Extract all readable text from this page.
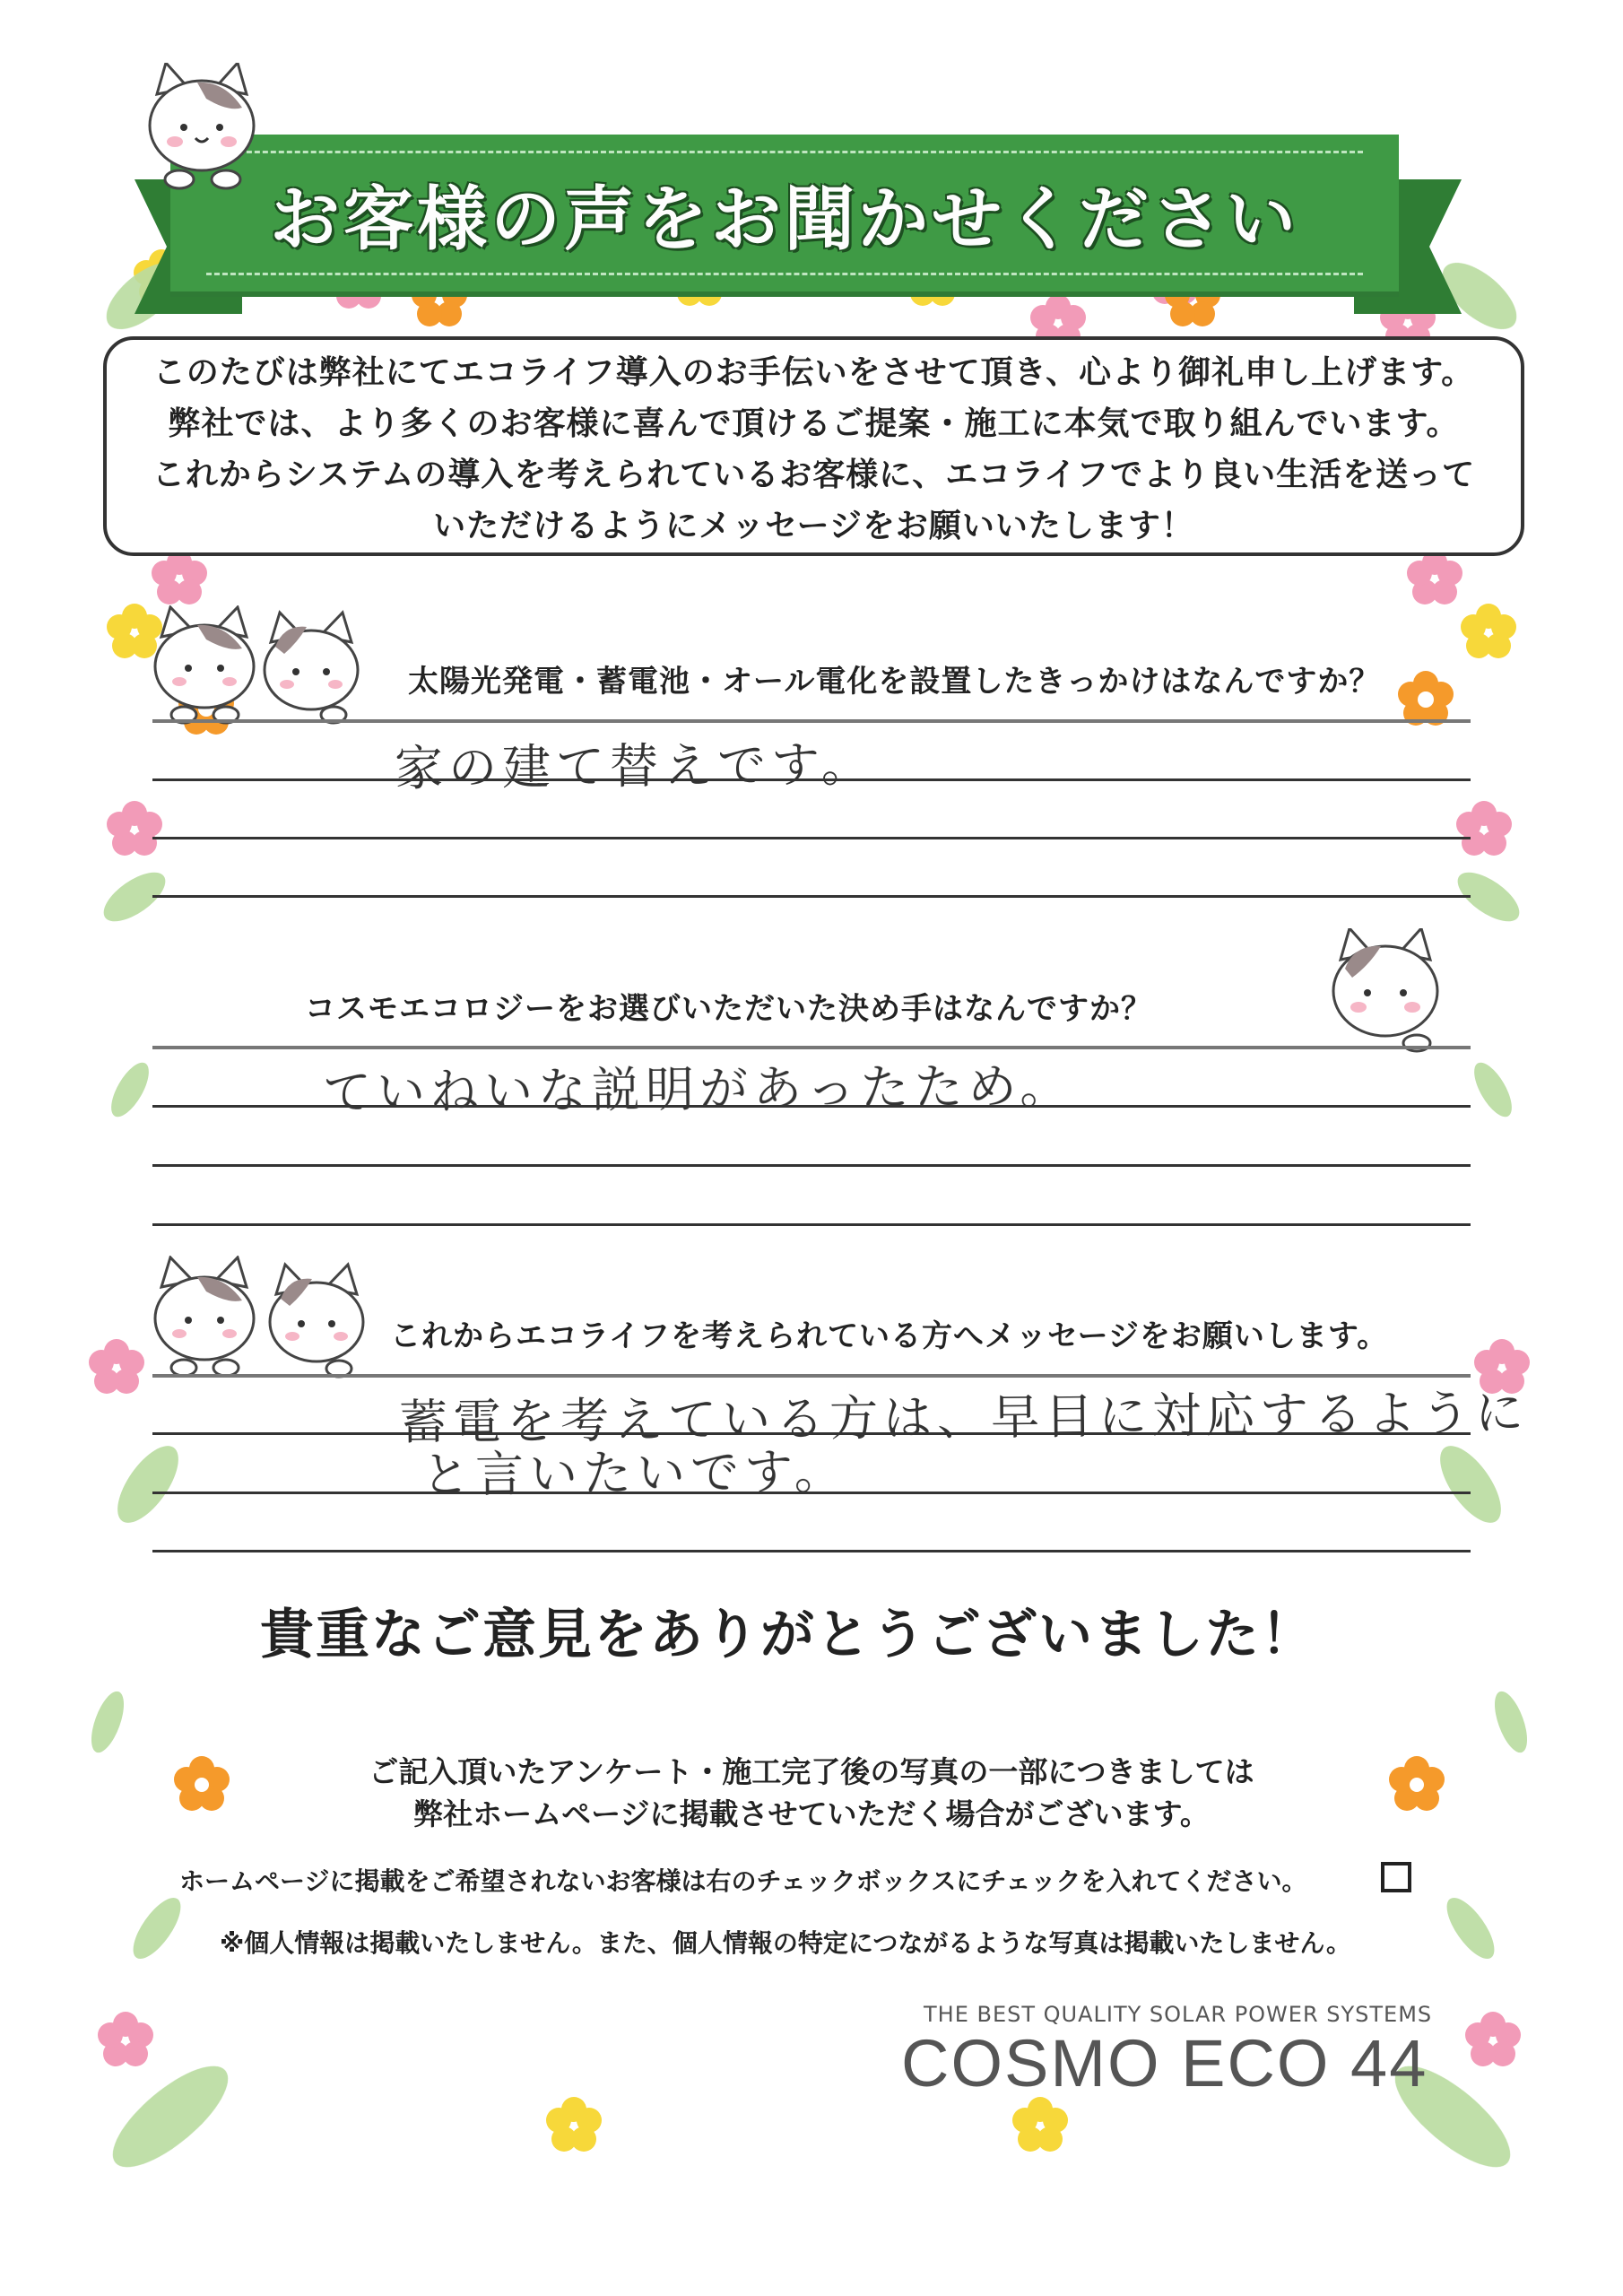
お客様の声をお聞かせください
このたびは弊社にてエコライフ導入のお手伝いをさせて頂き、心より御礼申し上げます。
弊社では、より多くのお客様に喜んで頂けるご提案・施工に本気で取り組んでいます。
これからシステムの導入を考えられているお客様に、エコライフでより良い生活を送って
いただけるようにメッセージをお願いいたします！
太陽光発電・蓄電池・オール電化を設置したきっかけはなんですか？
家の建て替えです。
コスモエコロジーをお選びいただいた決め手はなんですか？
ていねいな説明があったため。
これからエコライフを考えられている方へメッセージをお願いします。
蓄電を考えている方は、早目に対応するように
と言いたいです。
貴重なご意見をありがとうございました！
ご記入頂いたアンケート・施工完了後の写真の一部につきましては
弊社ホームページに掲載させていただく場合がございます。
ホームページに掲載をご希望されないお客様は右のチェックボックスにチェックを入れてください。
※個人情報は掲載いたしません。また、個人情報の特定につながるような写真は掲載いたしません。
THE BEST QUALITY SOLAR POWER SYSTEMS
COSMO ECO 44
